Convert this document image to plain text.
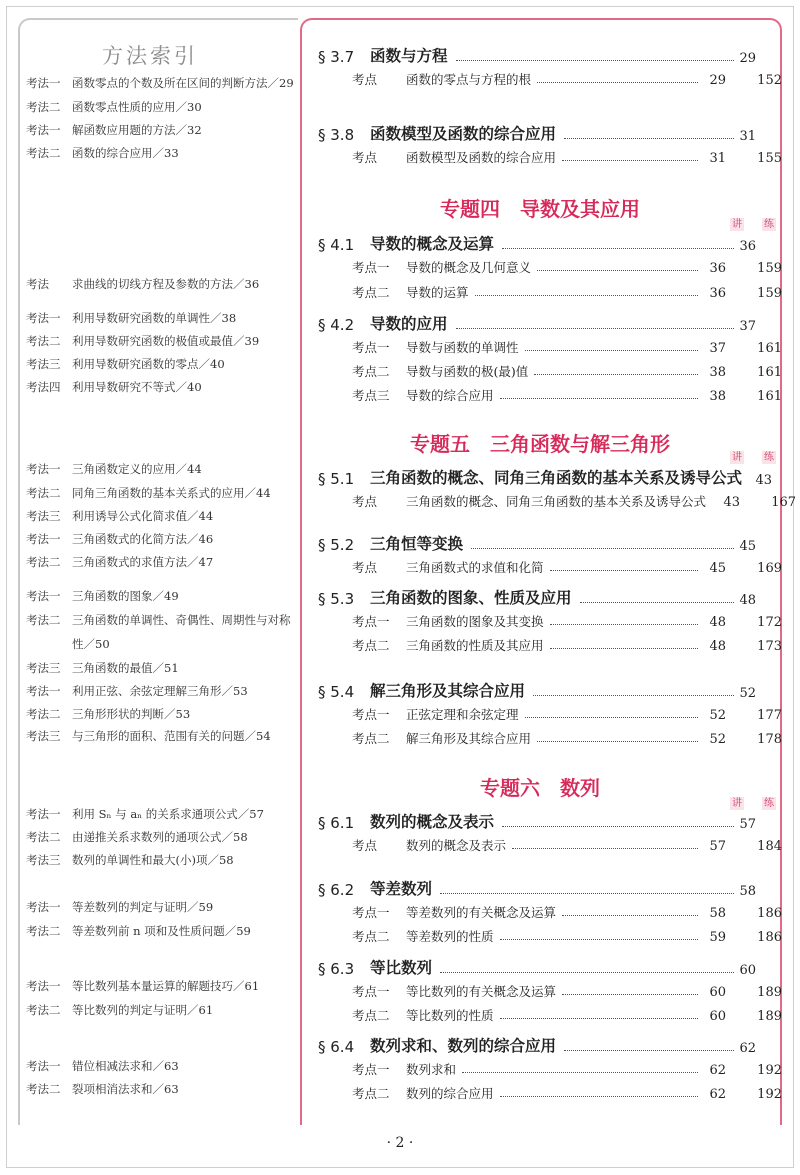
方法索引
考法一 函数零点的个数及所在区间的判断方法／29
考法二 函数零点性质的应用／30
考法一 解函数应用题的方法／32
考法二 函数的综合应用／33
考法 求曲线的切线方程及参数的方法／36
考法一 利用导数研究函数的单调性／38
考法二 利用导数研究函数的极值或最值／39
考法三 利用导数研究函数的零点／40
考法四 利用导数研究不等式／40
考法一 三角函数定义的应用／44
考法二 同角三角函数的基本关系式的应用／44
考法三 利用诱导公式化简求值／44
考法一 三角函数式的化简方法／46
考法二 三角函数式的求值方法／47
考法一 三角函数的图象／49
考法二 三角函数的单调性、奇偶性、周期性与对称
性／50
考法三 三角函数的最值／51
考法一 利用正弦、余弦定理解三角形／53
考法二 三角形形状的判断／53
考法三 与三角形的面积、范围有关的问题／54
考法一 利用 Sₙ 与 aₙ 的关系求通项公式／57
考法二 由递推关系求数列的通项公式／58
考法三 数列的单调性和最大(小)项／58
考法一 等差数列的判定与证明／59
考法二 等差数列前 n 项和及性质问题／59
考法一 等比数列基本量运算的解题技巧／61
考法二 等比数列的判定与证明／61
考法一 错位相减法求和／63
考法二 裂项相消法求和／63
专题四　导数及其应用
专题五　三角函数与解三角形
专题六　数列
讲 练
讲 练
讲 练
§ 3.7	函数与方程	29
考点	函数的零点与方程的根	29	152
§ 3.8	函数模型及函数的综合应用	31
考点	函数模型及函数的综合应用	31	155
§ 4.1	导数的概念及运算	36
考点一	导数的概念及几何意义	36	159
考点二	导数的运算	36	159
§ 4.2	导数的应用	37
考点一	导数与函数的单调性	37	161
考点二	导数与函数的极(最)值	38	161
考点三	导数的综合应用	38	161
§ 5.1	三角函数的概念、同角三角函数的基本关系及诱导公式 43
考点	三角函数的概念、同角三角函数的基本关系及诱导公式	43	167
§ 5.2	三角恒等变换	45
考点	三角函数式的求值和化简	45	169
§ 5.3	三角函数的图象、性质及应用	48
考点一	三角函数的图象及其变换	48	172
考点二	三角函数的性质及其应用	48	173
§ 5.4	解三角形及其综合应用	52
考点一	正弦定理和余弦定理	52	177
考点二	解三角形及其综合应用	52	178
§ 6.1	数列的概念及表示	57
考点	数列的概念及表示	57	184
§ 6.2	等差数列	58
考点一	等差数列的有关概念及运算	58	186
考点二	等差数列的性质	59	186
§ 6.3	等比数列	60
考点一	等比数列的有关概念及运算	60	189
考点二	等比数列的性质	60	189
§ 6.4	数列求和、数列的综合应用	62
考点一	数列求和	62	192
考点二	数列的综合应用	62	192
· 2 ·
